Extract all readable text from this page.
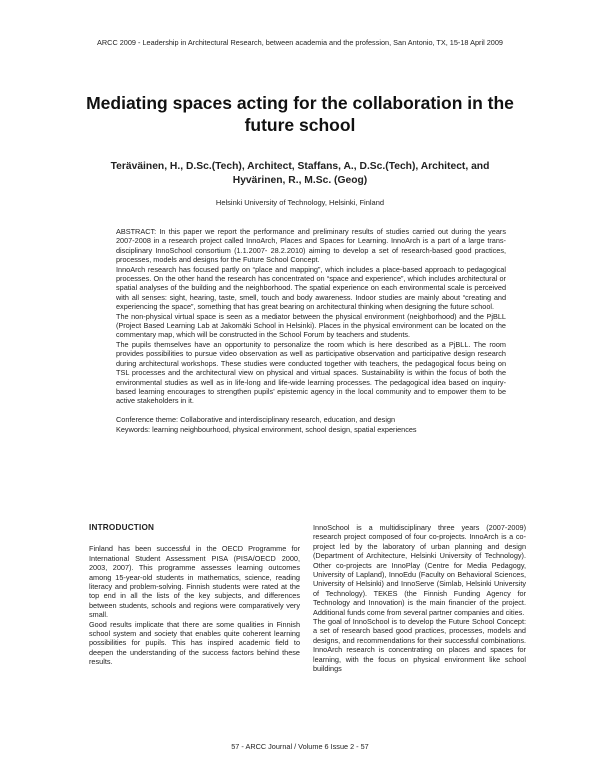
ARCC 2009 - Leadership in Architectural Research, between academia and the profession, San Antonio, TX, 15-18 April 2009
Mediating spaces acting for the collaboration in the
future school
Teräväinen, H., D.Sc.(Tech), Architect, Staffans, A., D.Sc.(Tech), Architect, and
Hyvärinen, R., M.Sc. (Geog)
Helsinki University of Technology, Helsinki, Finland

ABSTRACT: In this paper we report the performance and preliminary results of studies carried out during the years 2007-2008 in a research project called InnoArch, Places and Spaces for Learning. InnoArch is a part of a large trans-disciplinary InnoSchool consortium (1.1.2007- 28.2.2010) aiming to develop a set of research-based good practices, processes, models and designs for the Future School Concept.

InnoArch research has focused partly on “place and mapping”, which includes a place-based approach to pedagogical processes. On the other hand the research has concentrated on “space and experience”, which includes architectural or spatial analyses of the building and the neighborhood. The spatial experience on each environmental scale is perceived with all senses: sight, hearing, taste, smell, touch and body awareness. Indoor studies are mainly about “creating and experiencing the space”, something that has great bearing on architectural thinking when designing the future school.

The non-physical virtual space is seen as a mediator between the physical environment (neighborhood) and the PjBLL (Project Based Learning Lab at Jakomäki School in Helsinki). Places in the physical environment can be located on the commentary map, which will be constructed in the School Forum by teachers and students.

The pupils themselves have an opportunity to personalize the room which is here described as a PjBLL. The room provides possibilities to pursue video observation as well as participative observation and participative design research during architectural workshops. These studies were conducted together with teachers, the pedagogical focus being on TSL processes and the architectural view on physical and virtual spaces. Sustainability is within the focus of both the environmental studies as well as in life-long and life-wide learning processes. The pedagogical idea based on inquiry-based learning encourages to strengthen pupils’ epistemic agency in the local community and to empower them to be active stakeholders in it.

Conference theme: Collaborative and interdisciplinary research, education, and design

Keywords: learning neighbourhood, physical environment, school design, spatial experiences

INTRODUCTION

Finland has been successful in the OECD Programme for International Student Assessment PISA (PISA/OECD 2000, 2003, 2007). This programme assesses learning outcomes among 15-year-old students in mathematics, science, reading literacy and problem-solving. Finnish students were rated at the top end in all the lists of the key subjects, and differences between students, schools and regions were comparatively very small.

Good results implicate that there are some qualities in Finnish school system and society that enables quite coherent learning possibilities for pupils. This has inspired academic field to deepen the understanding of the success factors behind these results.

InnoSchool is a multidisciplinary three years (2007-2009) research project composed of four co-projects. InnoArch is a co-project led by the laboratory of urban planning and design (Department of Architecture, Helsinki University of Technology). Other co-projects are InnoPlay (Centre for Media Pedagogy, University of Lapland), InnoEdu (Faculty on Behavioral Sciences, University of Helsinki) and InnoServe (Simlab, Helsinki University of Technology). TEKES (the Finnish Funding Agency for Technology and Innovation) is the main financier of the project. Additional funds come from several partner companies and cities.

The goal of InnoSchool is to develop the Future School Concept: a set of research based good practices, processes, models and designs, and recommendations for their successful combinations. InnoArch research is concentrating on places and spaces for learning, with the focus on physical environment like school buildings

57 - ARCC Journal / Volume 6 Issue 2 - 57
